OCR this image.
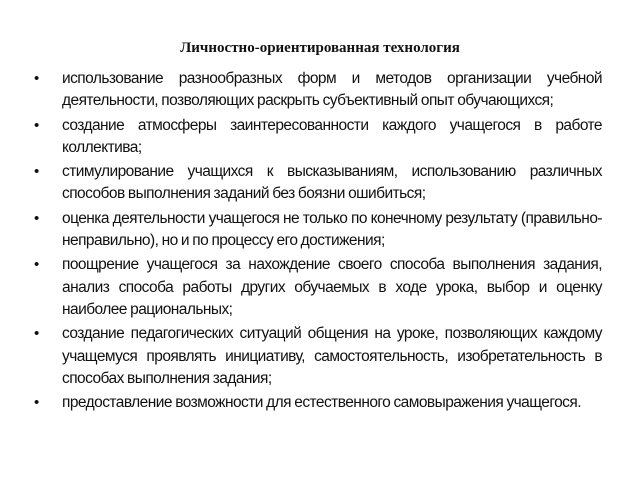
Личностно-ориентированная технология
• использование разнообразных форм и методов организации учебной деятельности, позволяющих раскрыть субъективный опыт обучающихся;
• создание атмосферы заинтересованности каждого учащегося в работе коллектива;
• стимулирование учащихся к высказываниям, использованию различных способов выполнения заданий без боязни ошибиться;
• оценка деятельности учащегося не только по конечному результату (правильно-неправильно), но и по процессу его достижения;
• поощрение учащегося за нахождение своего способа выполнения задания, анализ способа работы других обучаемых в ходе урока, выбор и оценку наиболее рациональных;
• создание педагогических ситуаций общения на уроке, позволяющих каждому учащемуся проявлять инициативу, самостоятельность, изобретательность в способах выполнения задания;
• предоставление возможности для естественного самовыражения учащегося.
